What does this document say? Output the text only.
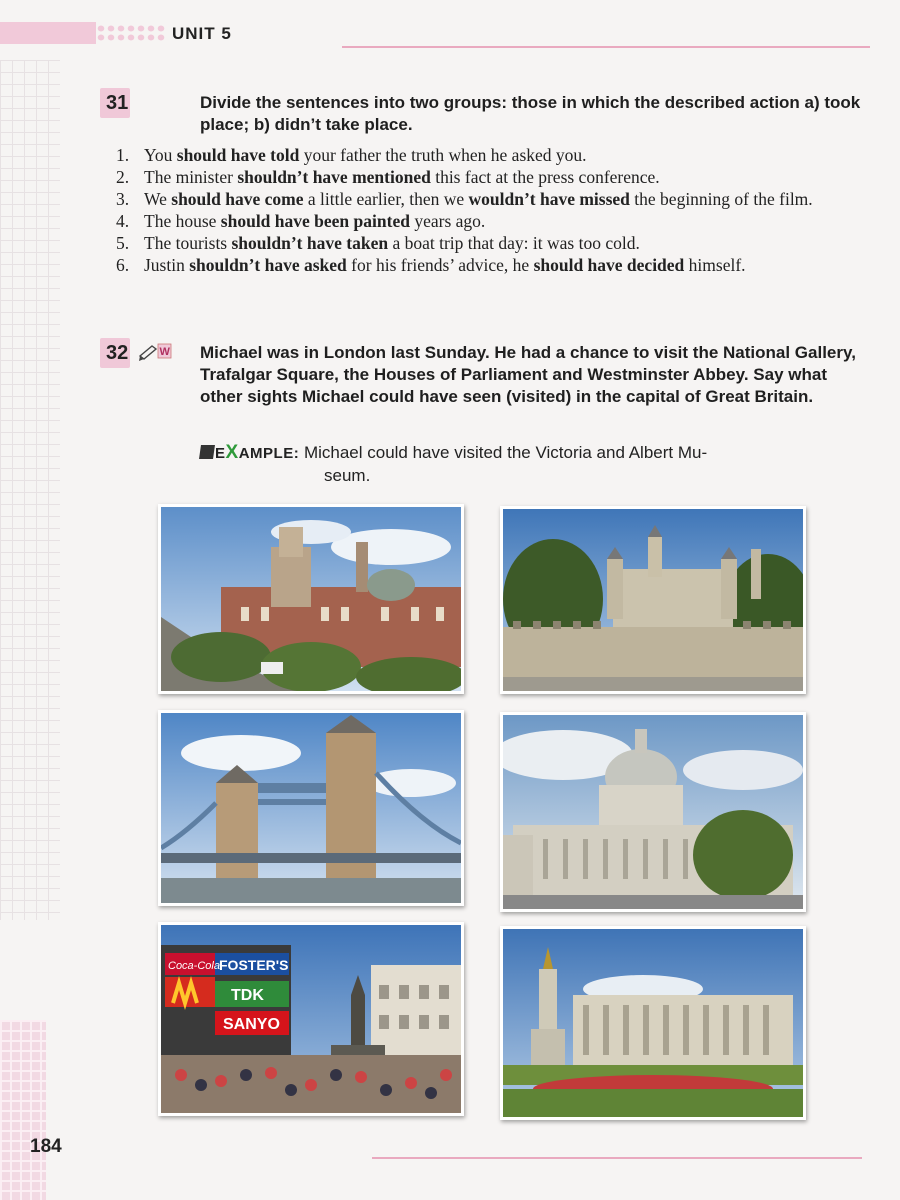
UNIT 5
31	Divide the sentences into two groups: those in which the described action a) took place; b) didn’t take place.
1. You should have told your father the truth when he asked you.
2. The minister shouldn’t have mentioned this fact at the press conference.
3. We should have come a little earlier, then we wouldn’t have missed the beginning of the film.
4. The house should have been painted years ago.
5. The tourists shouldn’t have taken a boat trip that day: it was too cold.
6. Justin shouldn’t have asked for his friends’ advice, he should have decided himself.
32	W Michael was in London last Sunday. He had a chance to visit the National Gallery, Trafalgar Square, the Houses of Parliament and Westminster Abbey. Say what other sights Michael could have seen (visited) in the capital of Great Britain.
EXAMPLE: Michael could have visited the Victoria and Albert Mu-
seum.
Coca-Cola FOSTER'S
TDK
SANYO
184
